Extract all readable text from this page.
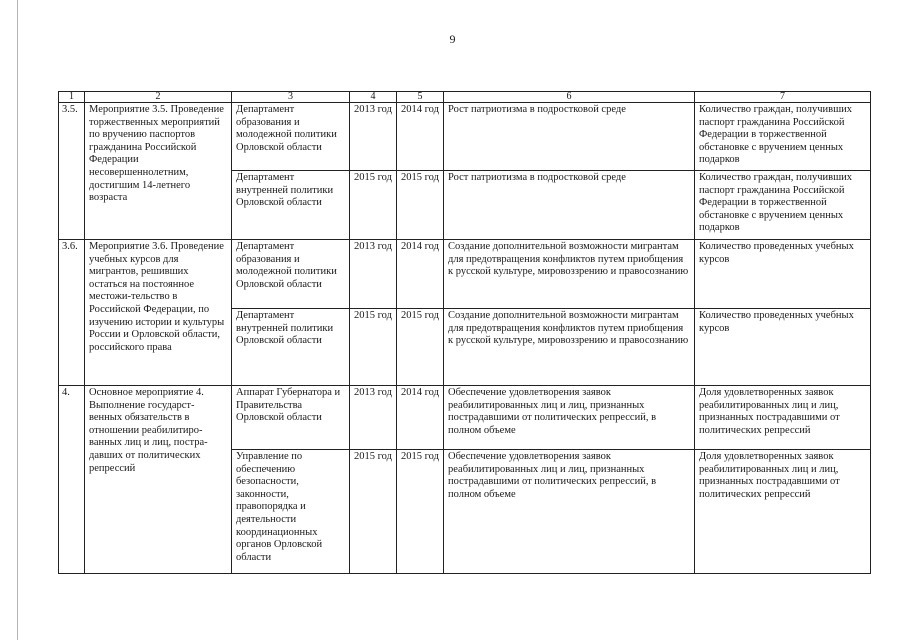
9
1	2	3	4	5	6	7
3.5.	Мероприятие 3.5. Проведение торжественных мероприятий по вручению паспортов гражданина Российской Федерации несовершеннолетним, достигшим 14-летнего возраста	Департамент образования и молодежной политики Орловской области	2013 год	2014 год	Рост патриотизма в подростковой среде	Количество граждан, получивших паспорт гражданина Российской Федерации в торжественной обстановке с вручением ценных подарков
		Департамент внутренней политики Орловской области	2015 год	2015 год	Рост патриотизма в подростковой среде	Количество граждан, получивших паспорт гражданина Российской Федерации в торжественной обстановке с вручением ценных подарков
3.6.	Мероприятие 3.6. Проведение учебных курсов для мигрантов, решивших остаться на постоянное местожи-тельство в Российской Федерации, по изучению истории и культуры России и Орловской области, российского права	Департамент образования и молодежной политики Орловской области	2013 год	2014 год	Создание дополнительной возможности мигрантам для предотвращения конфликтов путем приобщения к русской культуре, мировоззрению и правосознанию	Количество проведенных учебных курсов
		Департамент внутренней политики Орловской области	2015 год	2015 год	Создание дополнительной возможности мигрантам для предотвращения конфликтов путем приобщения к русской культуре, мировоззрению и правосознанию	Количество проведенных учебных курсов
4.	Основное мероприятие 4. Выполнение государст-венных обязательств в отношении реабилитиро-ванных лиц и лиц, постра-давших от политических репрессий	Аппарат Губернатора и Правительства Орловской области	2013 год	2014 год	Обеспечение удовлетворения заявок реабилитированных лиц и лиц, признанных пострадавшими от политических репрессий, в полном объеме	Доля удовлетворенных заявок реабилитированных лиц и лиц, признанных пострадавшими от политических репрессий
		Управление по обеспечению безопасности, законности, правопорядка и деятельности координационных органов Орловской области	2015 год	2015 год	Обеспечение удовлетворения заявок реабилитированных лиц и лиц, признанных пострадавшими от политических репрессий, в полном объеме	Доля удовлетворенных заявок реабилитированных лиц и лиц, признанных пострадавшими от политических репрессий
